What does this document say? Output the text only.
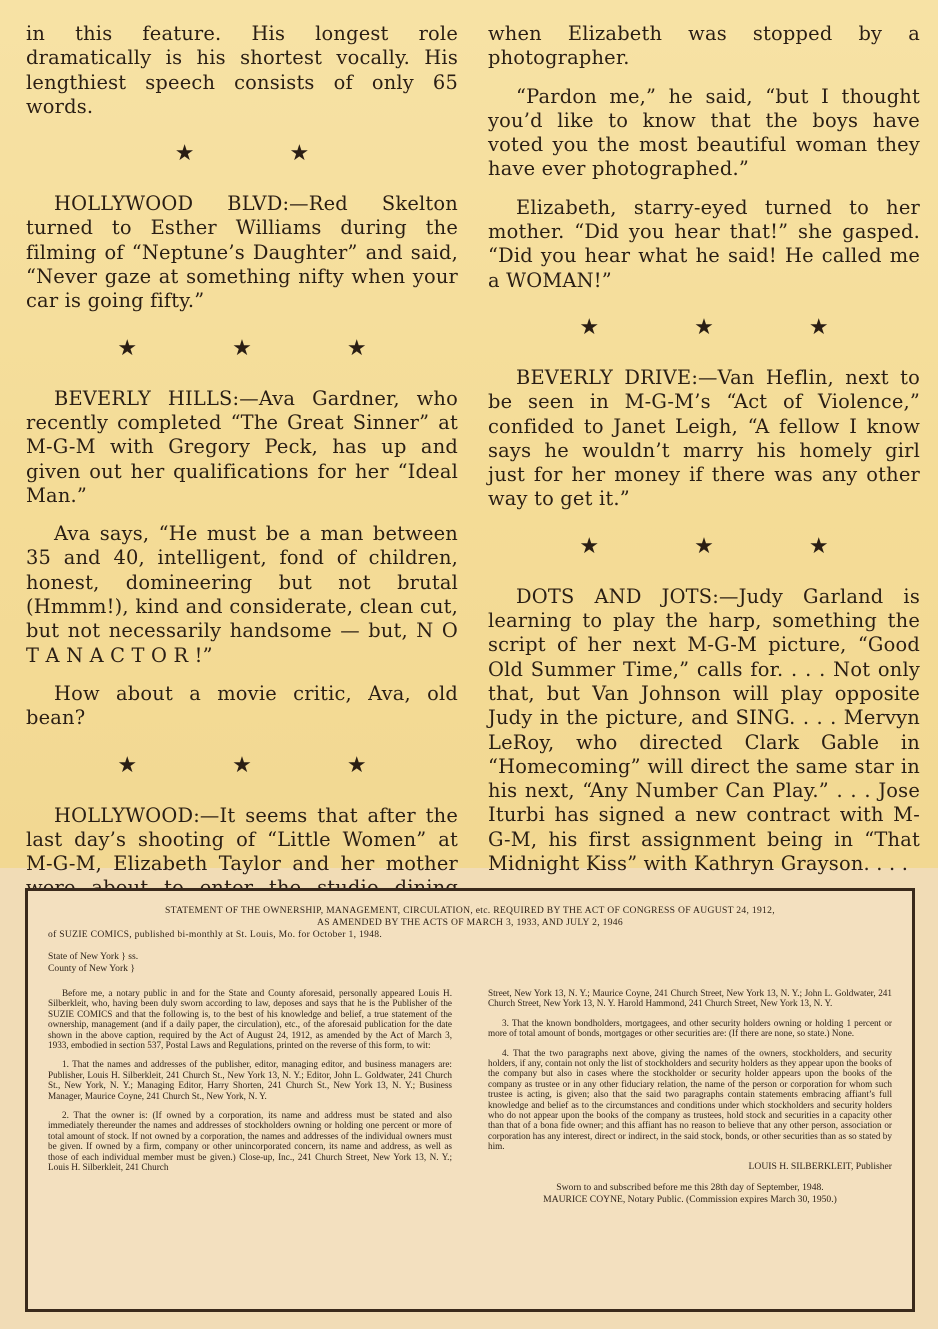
in this feature. His longest role dramatically is his shortest vocally. His lengthiest speech consists of only 65 words.

★ ★

HOLLYWOOD BLVD:—Red Skelton turned to Esther Williams during the filming of “Neptune’s Daughter” and said, “Never gaze at something nifty when your car is going fifty.”

★ ★ ★

BEVERLY HILLS:—Ava Gardner, who recently completed “The Great Sinner” at M-G-M with Gregory Peck, has up and given out her qualifications for her “Ideal Man.”

Ava says, “He must be a man between 35 and 40, intelligent, fond of children, honest, domineering but not brutal (Hmmm!), kind and considerate, clean cut, but not necessarily handsome — but, N O T A N A C T O R !”

How about a movie critic, Ava, old bean?

★ ★ ★

HOLLYWOOD:—It seems that after the last day’s shooting of “Little Women” at M-G-M, Elizabeth Taylor and her mother

when Elizabeth was stopped by a photographer.

“Pardon me,” he said, “but I thought you’d like to know that the boys have voted you the most beautiful woman they have ever photographed.”

Elizabeth, starry-eyed turned to her mother. “Did you hear that!” she gasped. “Did you hear what he said! He called me a WOMAN!”

★ ★ ★

BEVERLY DRIVE:—Van Heflin, next to be seen in M-G-M’s “Act of Violence,” confided to Janet Leigh, “A fellow I know says he wouldn’t marry his homely girl just for her money if there was any other way to get it.”

★ ★ ★

DOTS AND JOTS:—Judy Garland is learning to play the harp, something the script of her next M-G-M picture, “Good Old Summer Time,” calls for. . . . Not only that, but Van Johnson will play opposite Judy in the picture, and SING. . . . Mervyn LeRoy, who directed Clark Gable in “Homecoming” will direct the same star in his next, “Any Number Can Play.” . . . Jose Iturbi has signed a new contract with M-G-M, his first assignment being in “That Midnight Kiss” with Kathryn Grayson. . . .

STATEMENT OF THE OWNERSHIP, MANAGEMENT, CIRCULATION, etc. REQUIRED BY THE ACT OF CONGRESS OF AUGUST 24, 1912,
AS AMENDED BY THE ACTS OF MARCH 3, 1933, AND JULY 2, 1946
of SUZIE COMICS, published bi-monthly at St. Louis, Mo. for October 1, 1948.
State of New York } ss.
County of New York }

Before me, a notary public in and for the State and County aforesaid, personally appeared Louis H. Silberkleit, who, having been duly sworn according to law, deposes and says that he is the Publisher of the SUZIE COMICS and that the following is, to the best of his knowledge and belief, a true statement of the ownership, management (and if a daily paper, the circulation), etc., of the aforesaid publication for the date shown in the above caption, required by the Act of August 24, 1912, as amended by the Act of March 3, 1933, embodied in section 537, Postal Laws and Regulations, printed on the reverse of this form, to wit:

1. That the names and addresses of the publisher, editor, managing editor, and business managers are: Publisher, Louis H. Silberkleit, 241 Church St., New York 13, N. Y.; Editor, John L. Goldwater, 241 Church St., New York, N. Y.; Managing Editor, Harry Shorten, 241 Church St., New York 13, N. Y.; Business Manager, Maurice Coyne, 241 Church St., New York, N. Y.

2. That the owner is: (If owned by a corporation, its name and address must be stated and also immediately thereunder the names and addresses of stockholders owning or holding one percent or more of total amount of stock. If not owned by a corporation, the names and addresses of the individual owners must be given. If owned by a firm, company or other unincorporated concern, its name and address, as well as those of each individual member must be given.) Close-up, Inc., 241 Church Street, New York 13, N. Y.; Louis H. Silberkleit, 241 Church

Street, New York 13, N. Y.; Maurice Coyne, 241 Church Street, New York 13, N. Y.; John L. Goldwater, 241 Church Street, New York 13, N. Y. Harold Hammond, 241 Church Street, New York 13, N. Y.

3. That the known bondholders, mortgagees, and other security holders owning or holding 1 percent or more of total amount of bonds, mortgages or other securities are: (If there are none, so state.) None.

4. That the two paragraphs next above, giving the names of the owners, stockholders, and security holders, if any, contain not only the list of stockholders and security holders as they appear upon the books of the company but also in cases where the stockholder or security holder appears upon the books of the company as trustee or in any other fiduciary relation, the name of the person or corporation for whom such trustee is acting, is given; also that the said two paragraphs contain statements embracing affiant’s full knowledge and belief as to the circumstances and conditions under which stockholders and security holders who do not appear upon the books of the company as trustees, hold stock and securities in a capacity other than that of a bona fide owner; and this affiant has no reason to believe that any other person, association or corporation has any interest, direct or indirect, in the said stock, bonds, or other securities than as so stated by him.

LOUIS H. SILBERKLEIT, Publisher
Sworn to and subscribed before me this 28th day of September, 1948.
MAURICE COYNE, Notary Public. (Commission expires March 30, 1950.)
